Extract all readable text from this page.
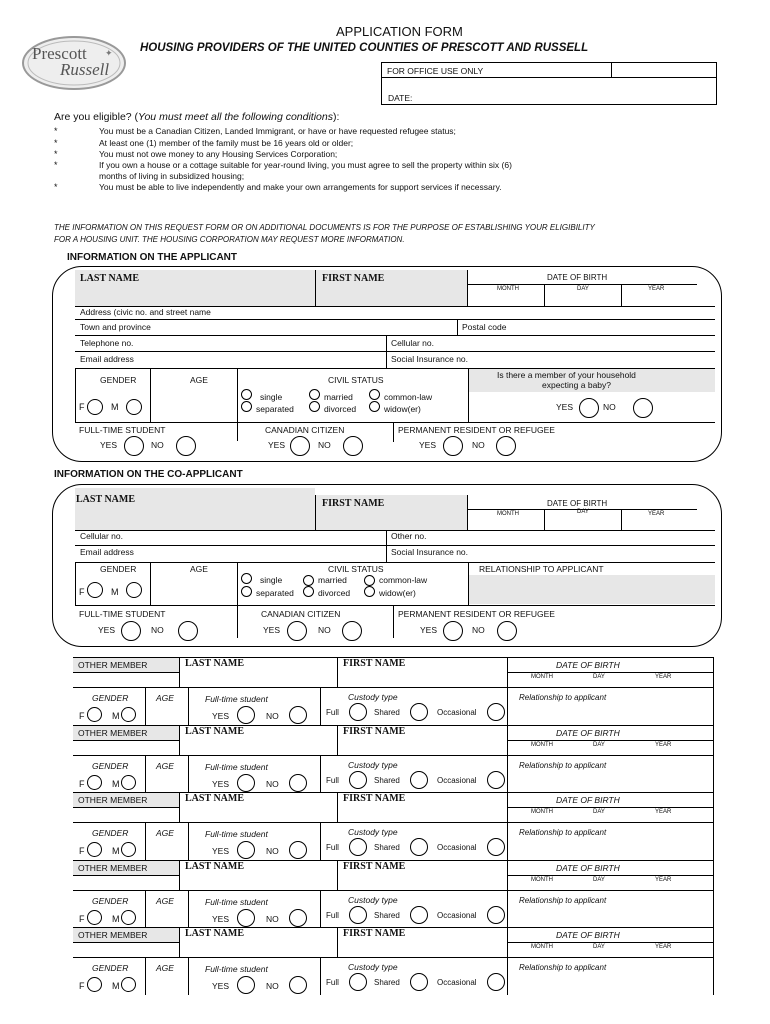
Prescott
Russell
✦
APPLICATION FORM
HOUSING PROVIDERS OF THE UNITED COUNTIES OF PRESCOTT AND RUSSELL
FOR OFFICE USE ONLY
DATE:
Are you eligible? (You must meet all the following conditions):
*	You must be a Canadian Citizen, Landed Immigrant, or have or have requested refugee status;
*	At least one (1) member of the family must be 16 years old or older;
*	You must not owe money to any Housing Services Corporation;
*	If you own a house or a cottage suitable for year-round living, you must agree to sell the property within six (6)
months of living in subsidized housing;
*	You must be able to live independently and make your own arrangements for support services if necessary.
THE INFORMATION ON THIS REQUEST FORM OR ON ADDITIONAL DOCUMENTS IS FOR THE PURPOSE OF ESTABLISHING YOUR ELIGIBILITY
FOR A HOUSING UNIT. THE HOUSING CORPORATION MAY REQUEST MORE INFORMATION.
INFORMATION ON THE APPLICANT
LAST NAME	FIRST NAME	DATE OF BIRTH
MONTH	DAY	YEAR
Address (civic no. and street name
Town and province	Postal code
Telephone no.	Cellular no.
Email address	Social Insurance no.
GENDER	AGE	CIVIL STATUS	Is there a member of your household
expecting a baby?
F	M
single	married	common-law
separated	divorced	widow(er)	YES	NO
FULL-TIME STUDENT	CANADIAN CITIZEN	PERMANENT RESIDENT OR REFUGEE
YES	NO	YES	NO	YES	NO
INFORMATION ON THE CO-APPLICANT
LAST NAME	FIRST NAME	DATE OF BIRTH
MONTH	DAY	YEAR
Cellular no.	Other no.
Email address	Social Insurance no.
GENDER	AGE	CIVIL STATUS	RELATIONSHIP TO APPLICANT
F	M
single	married	common-law
separated	divorced	widow(er)
FULL-TIME STUDENT	CANADIAN CITIZEN	PERMANENT RESIDENT OR REFUGEE
YES	NO	YES	NO	YES	NO
OTHER MEMBER	LAST NAME	FIRST NAME	DATE OF BIRTH
MONTH	DAY	YEAR
GENDER	AGE	Full-time student	Custody type	Relationship to applicant
F	M	YES	NO	Full	Shared	Occasional
OTHER MEMBER	LAST NAME	FIRST NAME	DATE OF BIRTH
MONTH	DAY	YEAR
GENDER	AGE	Full-time student	Custody type	Relationship to applicant
F	M	YES	NO	Full	Shared	Occasional
OTHER MEMBER	LAST NAME	FIRST NAME	DATE OF BIRTH
MONTH	DAY	YEAR
GENDER	AGE	Full-time student	Custody type	Relationship to applicant
F	M	YES	NO	Full	Shared	Occasional
OTHER MEMBER	LAST NAME	FIRST NAME	DATE OF BIRTH
MONTH	DAY	YEAR
GENDER	AGE	Full-time student	Custody type	Relationship to applicant
F	M	YES	NO	Full	Shared	Occasional
OTHER MEMBER	LAST NAME	FIRST NAME	DATE OF BIRTH
MONTH	DAY	YEAR
GENDER	AGE	Full-time student	Custody type	Relationship to applicant
F	M	YES	NO	Full	Shared	Occasional
